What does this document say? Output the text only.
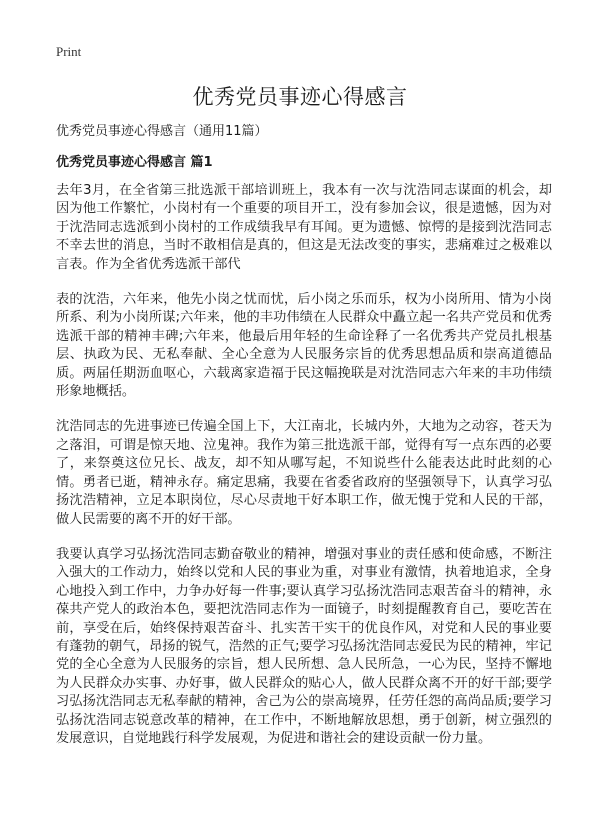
Print
优秀党员事迹心得感言

优秀党员事迹心得感言（通用11篇）

优秀党员事迹心得感言 篇1

去年3月，在全省第三批选派干部培训班上，我本有一次与沈浩同志谋面的机会，却因为他工作繁忙，小岗村有一个重要的项目开工，没有参加会议，很是遗憾，因为对于沈浩同志选派到小岗村的工作成绩我早有耳闻。更为遗憾、惊愕的是接到沈浩同志不幸去世的消息，当时不敢相信是真的，但这是无法改变的事实，悲痛难过之极难以言表。作为全省优秀选派干部代

表的沈浩，六年来，他先小岗之忧而忧，后小岗之乐而乐，权为小岗所用、情为小岗所系、利为小岗所谋;六年来，他的丰功伟绩在人民群众中矗立起一名共产党员和优秀选派干部的精神丰碑;六年来，他最后用年轻的生命诠释了一名优秀共产党员扎根基层、执政为民、无私奉献、全心全意为人民服务宗旨的优秀思想品质和崇高道德品质。两届任期沥血呕心，六载离家造福于民这幅挽联是对沈浩同志六年来的丰功伟绩形象地概括。

沈浩同志的先进事迹已传遍全国上下，大江南北，长城内外，大地为之动容，苍天为之落泪，可谓是惊天地、泣鬼神。我作为第三批选派干部，觉得有写一点东西的必要了，来祭奠这位兄长、战友，却不知从哪写起，不知说些什么能表达此时此刻的心情。勇者已逝，精神永存。痛定思痛，我要在省委省政府的坚强领导下，认真学习弘扬沈浩精神，立足本职岗位，尽心尽责地干好本职工作，做无愧于党和人民的干部，做人民需要的离不开的好干部。

我要认真学习弘扬沈浩同志勤奋敬业的精神，增强对事业的责任感和使命感，不断注入强大的工作动力，始终以党和人民的事业为重，对事业有激情，执着地追求，全身心地投入到工作中，力争办好每一件事;要认真学习弘扬沈浩同志艰苦奋斗的精神，永葆共产党人的政治本色，要把沈浩同志作为一面镜子，时刻提醒教育自己，要吃苦在前，享受在后，始终保持艰苦奋斗、扎实苦干实干的优良作风，对党和人民的事业要有蓬勃的朝气，昂扬的锐气，浩然的正气;要学习弘扬沈浩同志爱民为民的精神，牢记党的全心全意为人民服务的宗旨，想人民所想、急人民所急，一心为民，坚持不懈地为人民群众办实事、办好事，做人民群众的贴心人，做人民群众离不开的好干部;要学习弘扬沈浩同志无私奉献的精神，舍己为公的崇高境界，任劳任怨的高尚品质;要学习弘扬沈浩同志锐意改革的精神，在工作中，不断地解放思想，勇于创新，树立强烈的发展意识，自觉地践行科学发展观，为促进和谐社会的建设贡献一份力量。
